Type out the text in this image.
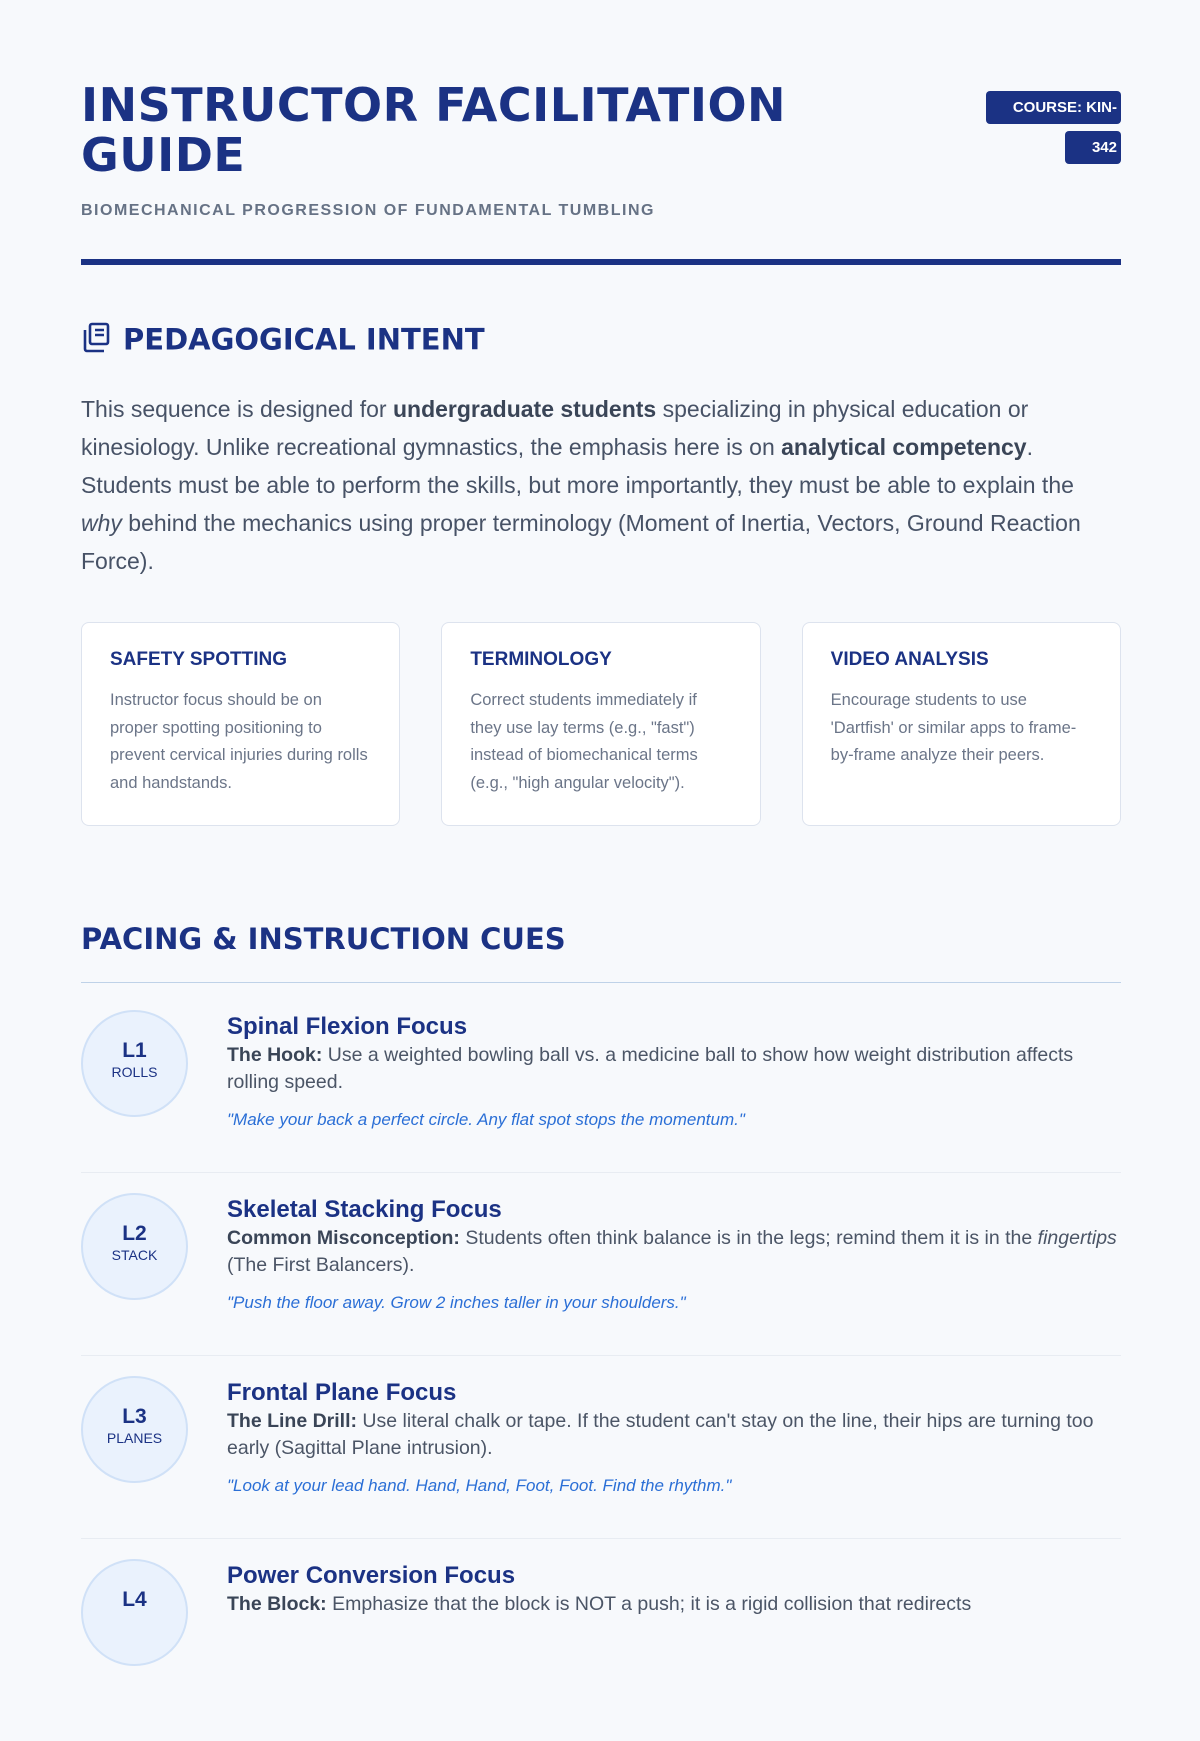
INSTRUCTOR FACILITATION GUIDE
COURSE: KIN-342
BIOMECHANICAL PROGRESSION OF FUNDAMENTAL TUMBLING
PEDAGOGICAL INTENT

This sequence is designed for undergraduate students specializing in physical education or kinesiology. Unlike recreational gymnastics, the emphasis here is on analytical competency. Students must be able to perform the skills, but more importantly, they must be able to explain the why behind the mechanics using proper terminology (Moment of Inertia, Vectors, Ground Reaction Force).

SAFETY SPOTTING

Instructor focus should be on proper spotting positioning to prevent cervical injuries during rolls and handstands.

TERMINOLOGY

Correct students immediately if they use lay terms (e.g., "fast") instead of biomechanical terms (e.g., "high angular velocity").

VIDEO ANALYSIS

Encourage students to use 'Dartfish' or similar apps to frame-by-frame analyze their peers.

PACING & INSTRUCTION CUES
L1
ROLLS
Spinal Flexion Focus

The Hook: Use a weighted bowling ball vs. a medicine ball to show how weight distribution affects rolling speed.

"Make your back a perfect circle. Any flat spot stops the momentum."

L2
STACK
Skeletal Stacking Focus

Common Misconception: Students often think balance is in the legs; remind them it is in the fingertips (The First Balancers).

"Push the floor away. Grow 2 inches taller in your shoulders."

L3
PLANES
Frontal Plane Focus

The Line Drill: Use literal chalk or tape. If the student can't stay on the line, their hips are turning too early (Sagittal Plane intrusion).

"Look at your lead hand. Hand, Hand, Foot, Foot. Find the rhythm."

L4
Power Conversion Focus

The Block: Emphasize that the block is NOT a push; it is a rigid collision that redirects
